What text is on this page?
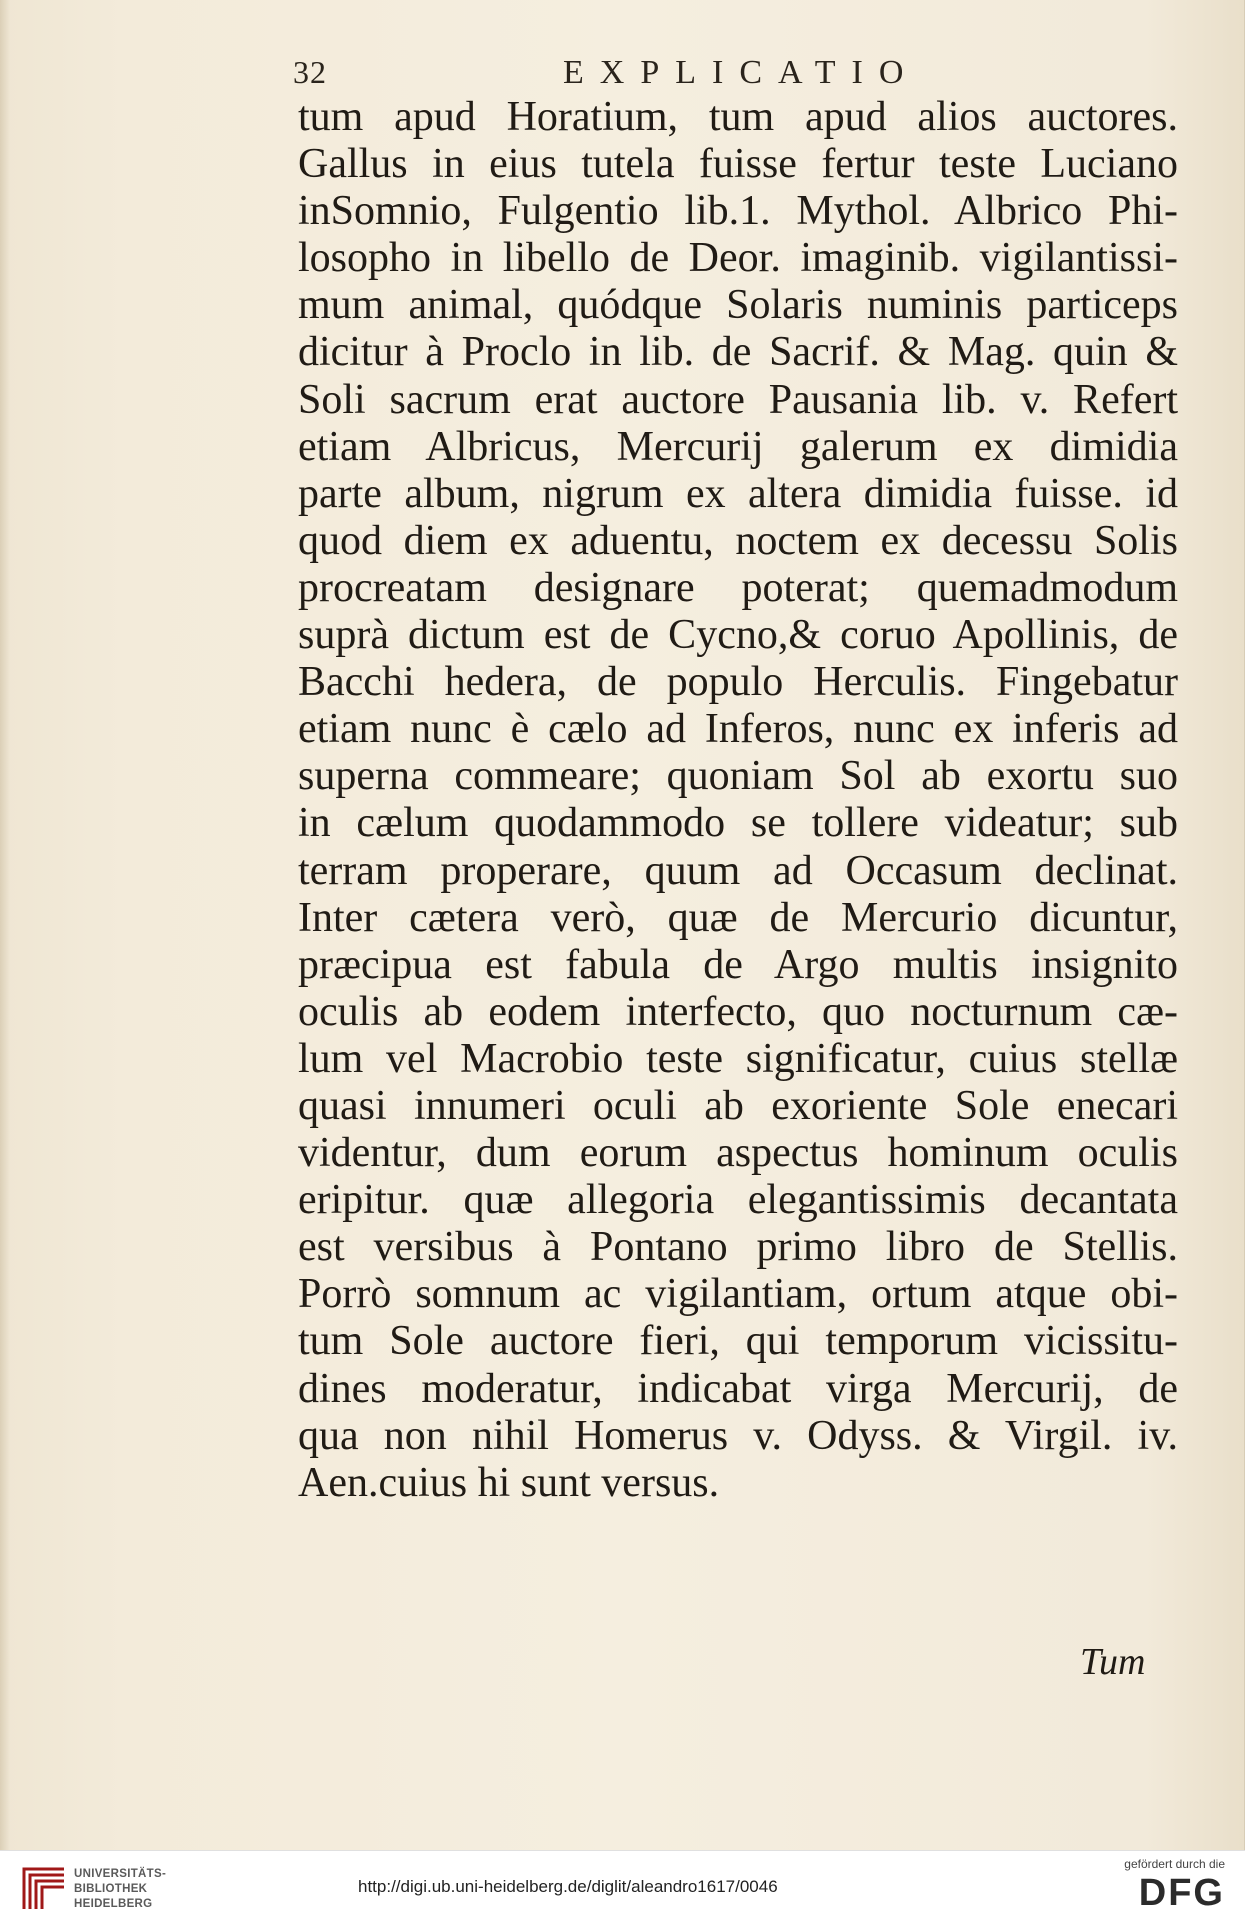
32	EXPLICATIO
tum apud Horatium, tum apud alios auctores.
Gallus in eius tutela fuisse fertur teste Luciano
inSomnio, Fulgentio lib.1. Mythol. Albrico Phi-
losopho in libello de Deor. imaginib. vigilantissi-
mum animal, quódque Solaris numinis particeps
dicitur à Proclo in lib. de Sacrif. & Mag. quin &
Soli sacrum erat auctore Pausania lib. v. Refert
etiam Albricus, Mercurij galerum ex dimidia
parte album, nigrum ex altera dimidia fuisse. id
quod diem ex aduentu, noctem ex decessu Solis
procreatam designare poterat; quemadmodum
suprà dictum est de Cycno,& coruo Apollinis, de
Bacchi hedera, de populo Herculis. Fingebatur
etiam nunc è cælo ad Inferos, nunc ex inferis ad
superna commeare; quoniam Sol ab exortu suo
in cælum quodammodo se tollere videatur; sub
terram properare, quum ad Occasum declinat.
Inter cætera verò, quæ de Mercurio dicuntur,
præcipua est fabula de Argo multis insignito
oculis ab eodem interfecto, quo nocturnum cæ-
lum vel Macrobio teste significatur, cuius stellæ
quasi innumeri oculi ab exoriente Sole enecari
videntur, dum eorum aspectus hominum oculis
eripitur. quæ allegoria elegantissimis decantata
est versibus à Pontano primo libro de Stellis.
Porrò somnum ac vigilantiam, ortum atque obi-
tum Sole auctore fieri, qui temporum vicissitu-
dines moderatur, indicabat virga Mercurij, de
qua non nihil Homerus v. Odyss. & Virgil. iv.
Aen.cuius hi sunt versus.
Tum
UNIVERSITÄTS-
BIBLIOTHEK
HEIDELBERG
http://digi.ub.uni-heidelberg.de/diglit/aleandro1617/0046
gefördert durch die
DFG
